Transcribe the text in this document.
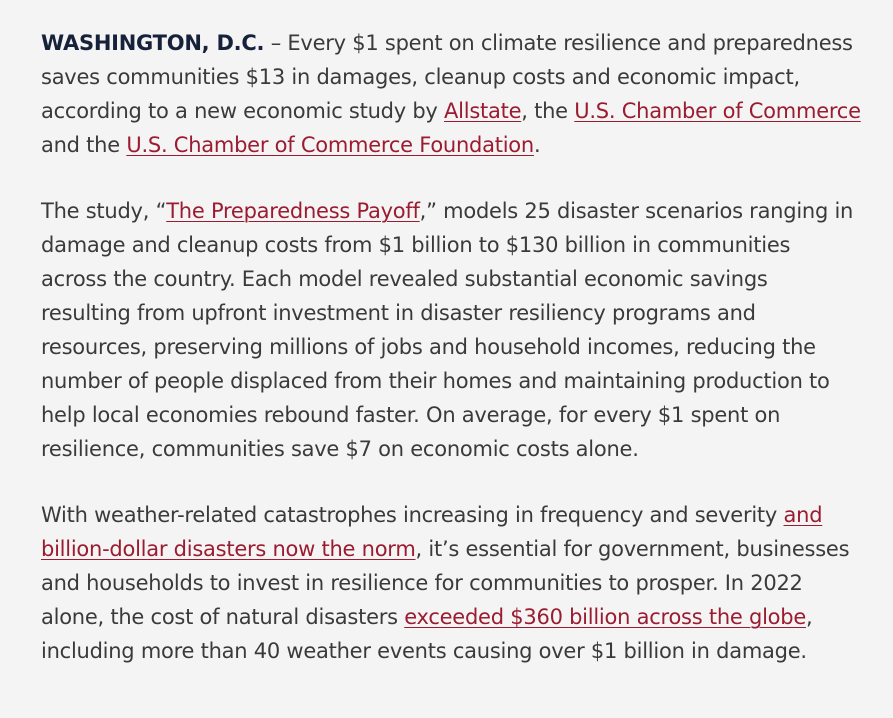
WASHINGTON, D.C. – Every $1 spent on climate resilience and preparedness saves communities $13 in damages, cleanup costs and economic impact, according to a new economic study by Allstate, the U.S. Chamber of Commerce and the U.S. Chamber of Commerce Foundation.

The study, “The Preparedness Payoff,” models 25 disaster scenarios ranging in damage and cleanup costs from $1 billion to $130 billion in communities across the country. Each model revealed substantial economic savings resulting from upfront investment in disaster resiliency programs and resources, preserving millions of jobs and household incomes, reducing the number of people displaced from their homes and maintaining production to help local economies rebound faster. On average, for every $1 spent on resilience, communities save $7 on economic costs alone.

With weather-related catastrophes increasing in frequency and severity and billion-dollar disasters now the norm, it’s essential for government, businesses and households to invest in resilience for communities to prosper. In 2022 alone, the cost of natural disasters exceeded $360 billion across the globe, including more than 40 weather events causing over $1 billion in damage.
